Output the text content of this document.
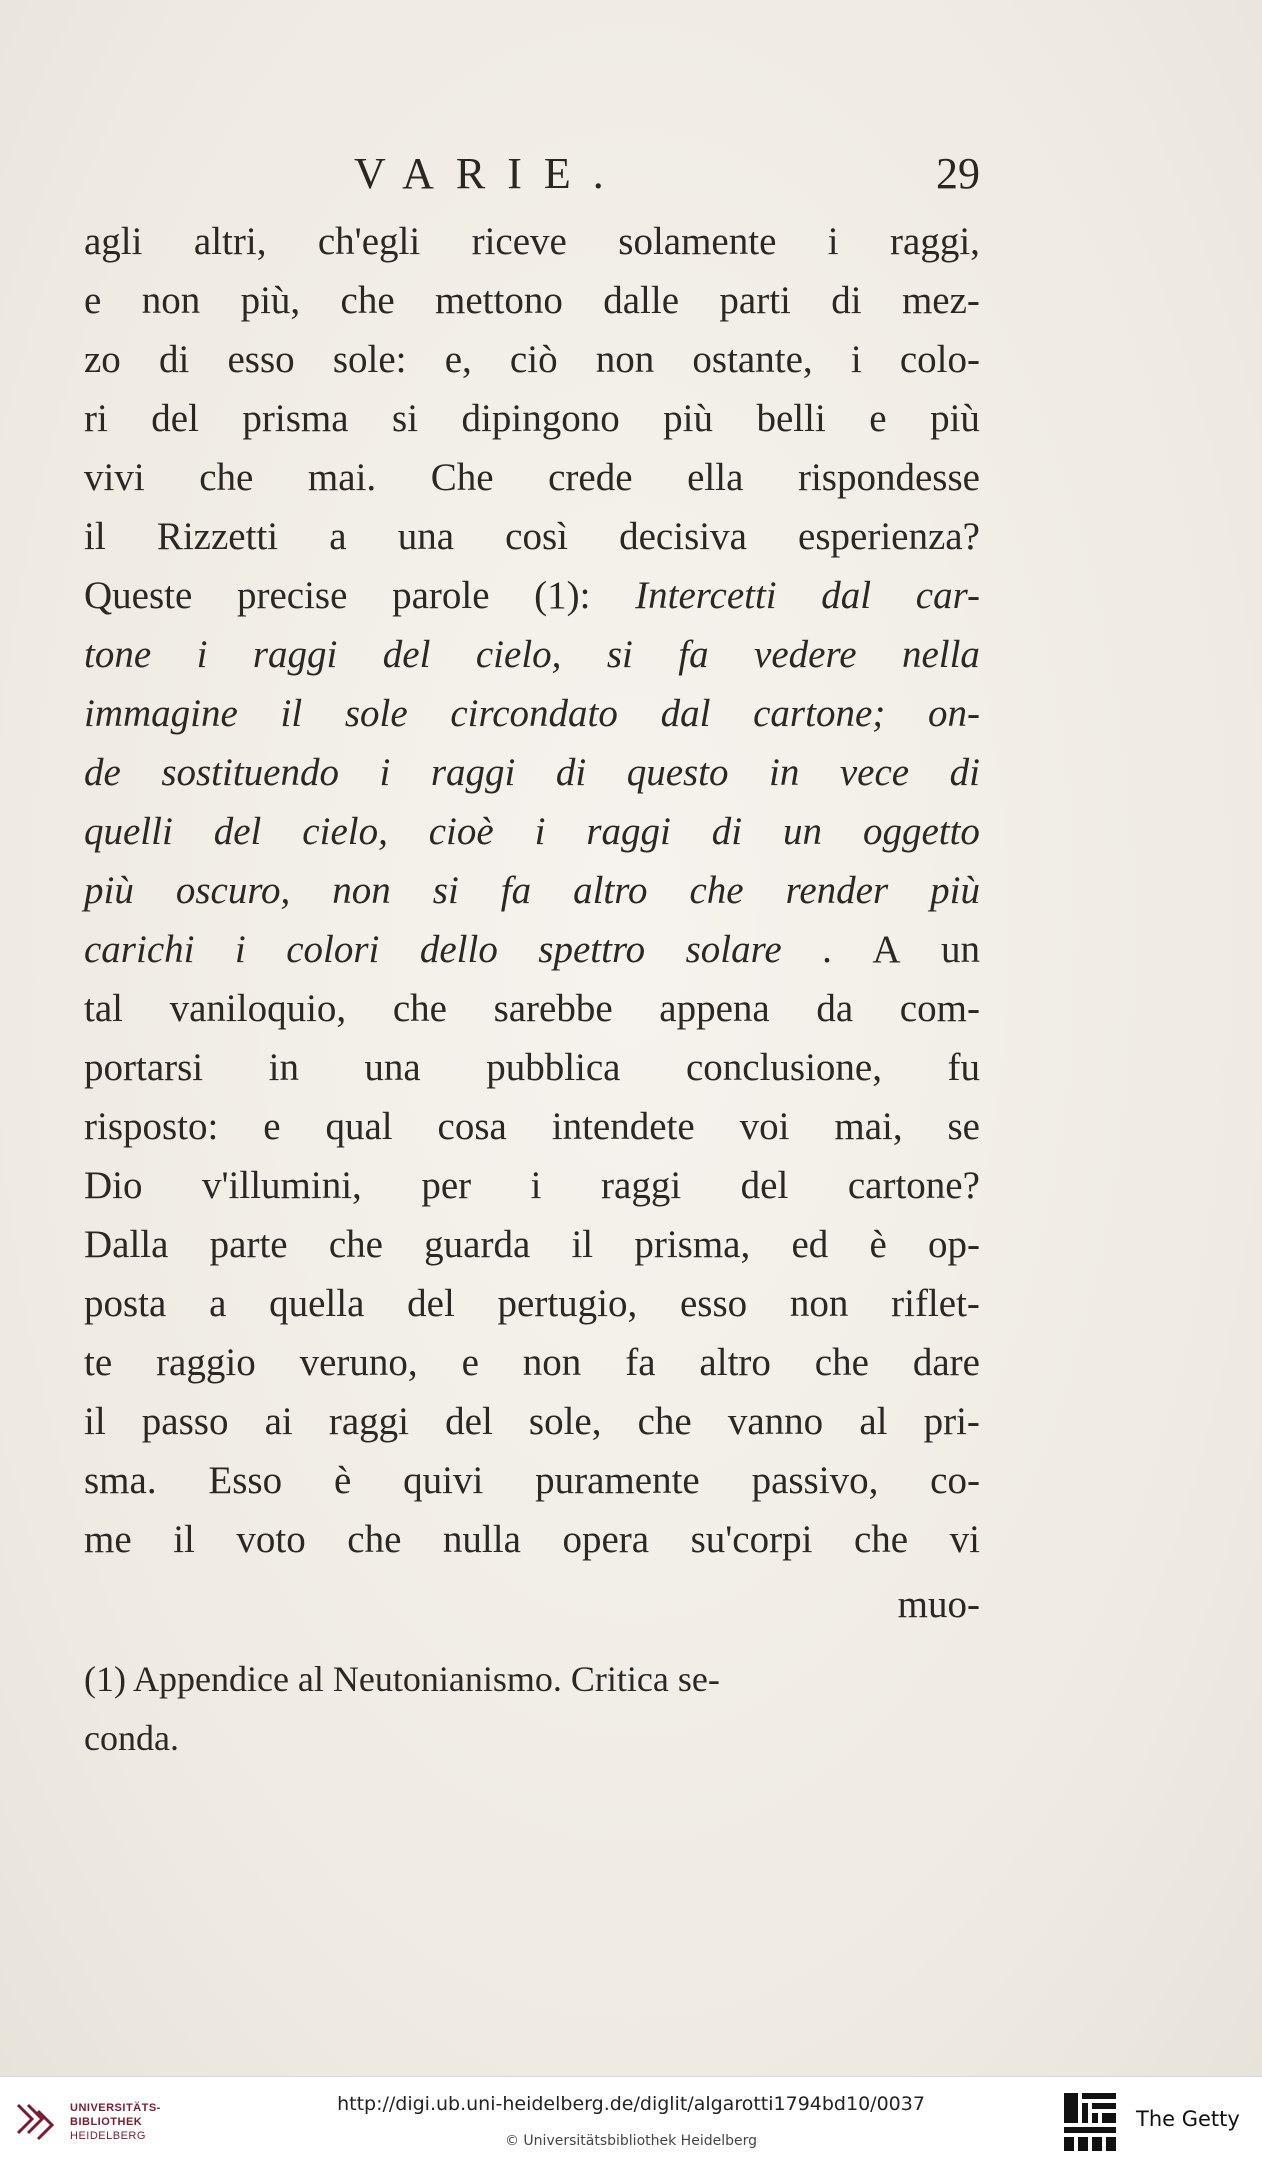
VARIE.	29
agli altri, ch'egli riceve solamente i raggi,
e non più, che mettono dalle parti di mez-
zo di esso sole: e, ciò non ostante, i colo-
ri del prisma si dipingono più belli e più
vivi che mai. Che crede ella rispondesse
il Rizzetti a una così decisiva esperienza?
Queste precise parole (1): Intercetti dal car-
tone i raggi del cielo, si fa vedere nella
immagine il sole circondato dal cartone; on-
de sostituendo i raggi di questo in vece di
quelli del cielo, cioè i raggi di un oggetto
più oscuro, non si fa altro che render più
carichi i colori dello spettro solare . A un
tal vaniloquio, che sarebbe appena da com-
portarsi in una pubblica conclusione, fu
risposto: e qual cosa intendete voi mai, se
Dio v'illumini, per i raggi del cartone?
Dalla parte che guarda il prisma, ed è op-
posta a quella del pertugio, esso non riflet-
te raggio veruno, e non fa altro che dare
il passo ai raggi del sole, che vanno al pri-
sma. Esso è quivi puramente passivo, co-
me il voto che nulla opera su'corpi che vi
muo-
(1) Appendice al Neutonianismo. Critica se-
conda.
UNIVERSITÄTS-
BIBLIOTHEK
HEIDELBERG
http://digi.ub.uni-heidelberg.de/diglit/algarotti1794bd10/0037
© Universitätsbibliothek Heidelberg
The Getty
